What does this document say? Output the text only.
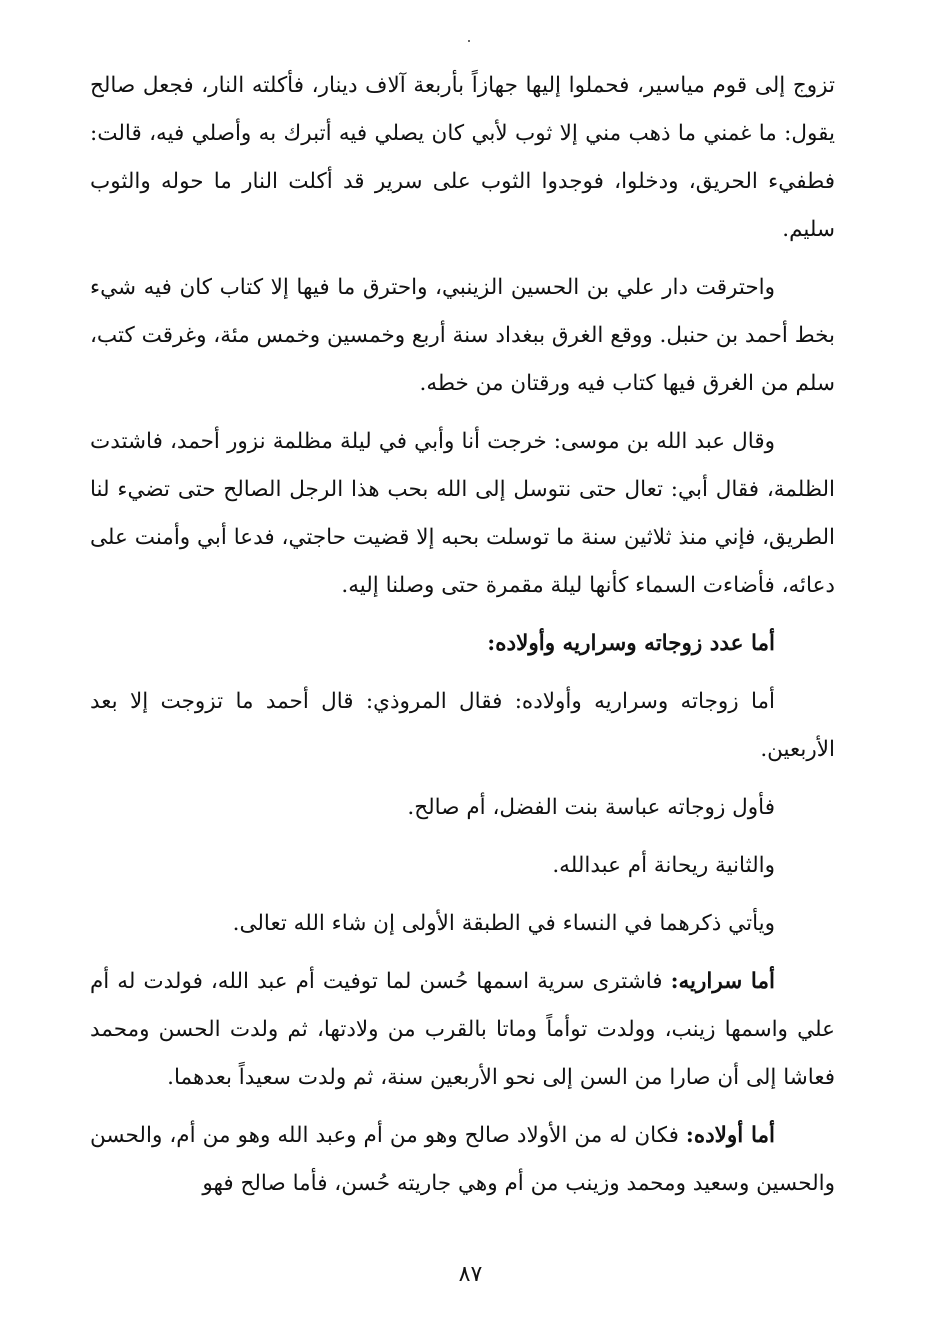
تزوج إلى قوم مياسير، فحملوا إليها جهازاً بأربعة آلاف دينار، فأكلته النار، فجعل صالح يقول: ما غمني ما ذهب مني إلا ثوب لأبي كان يصلي فيه أتبرك به وأصلي فيه، قالت: فطفيء الحريق، ودخلوا، فوجدوا الثوب على سرير قد أكلت النار ما حوله والثوب سليم.

واحترقت دار علي بن الحسين الزينبي، واحترق ما فيها إلا كتاب كان فيه شيء بخط أحمد بن حنبل. ووقع الغرق ببغداد سنة أربع وخمسين وخمس مئة، وغرقت كتب، سلم من الغرق فيها كتاب فيه ورقتان من خطه.

وقال عبد الله بن موسى: خرجت أنا وأبي في ليلة مظلمة نزور أحمد، فاشتدت الظلمة، فقال أبي: تعال حتى نتوسل إلى الله بحب هذا الرجل الصالح حتى تضيء لنا الطريق، فإني منذ ثلاثين سنة ما توسلت بحبه إلا قضيت حاجتي، فدعا أبي وأمنت على دعائه، فأضاءت السماء كأنها ليلة مقمرة حتى وصلنا إليه.

أما عدد زوجاته وسراريه وأولاده:

أما زوجاته وسراريه وأولاده: فقال المروذي: قال أحمد ما تزوجت إلا بعد الأربعين.

فأول زوجاته عباسة بنت الفضل، أم صالح.

والثانية ريحانة أم عبدالله.

ويأتي ذكرهما في النساء في الطبقة الأولى إن شاء الله تعالى.

أما سراريه: فاشترى سرية اسمها حُسن لما توفيت أم عبد الله، فولدت له أم علي واسمها زينب، وولدت توأماً وماتا بالقرب من ولادتها، ثم ولدت الحسن ومحمد فعاشا إلى أن صارا من السن إلى نحو الأربعين سنة، ثم ولدت سعيداً بعدهما.

أما أولاده: فكان له من الأولاد صالح وهو من أم وعبد الله وهو من أم، والحسن والحسين وسعيد ومحمد وزينب من أم وهي جاريته حُسن، فأما صالح فهو

٨٧
